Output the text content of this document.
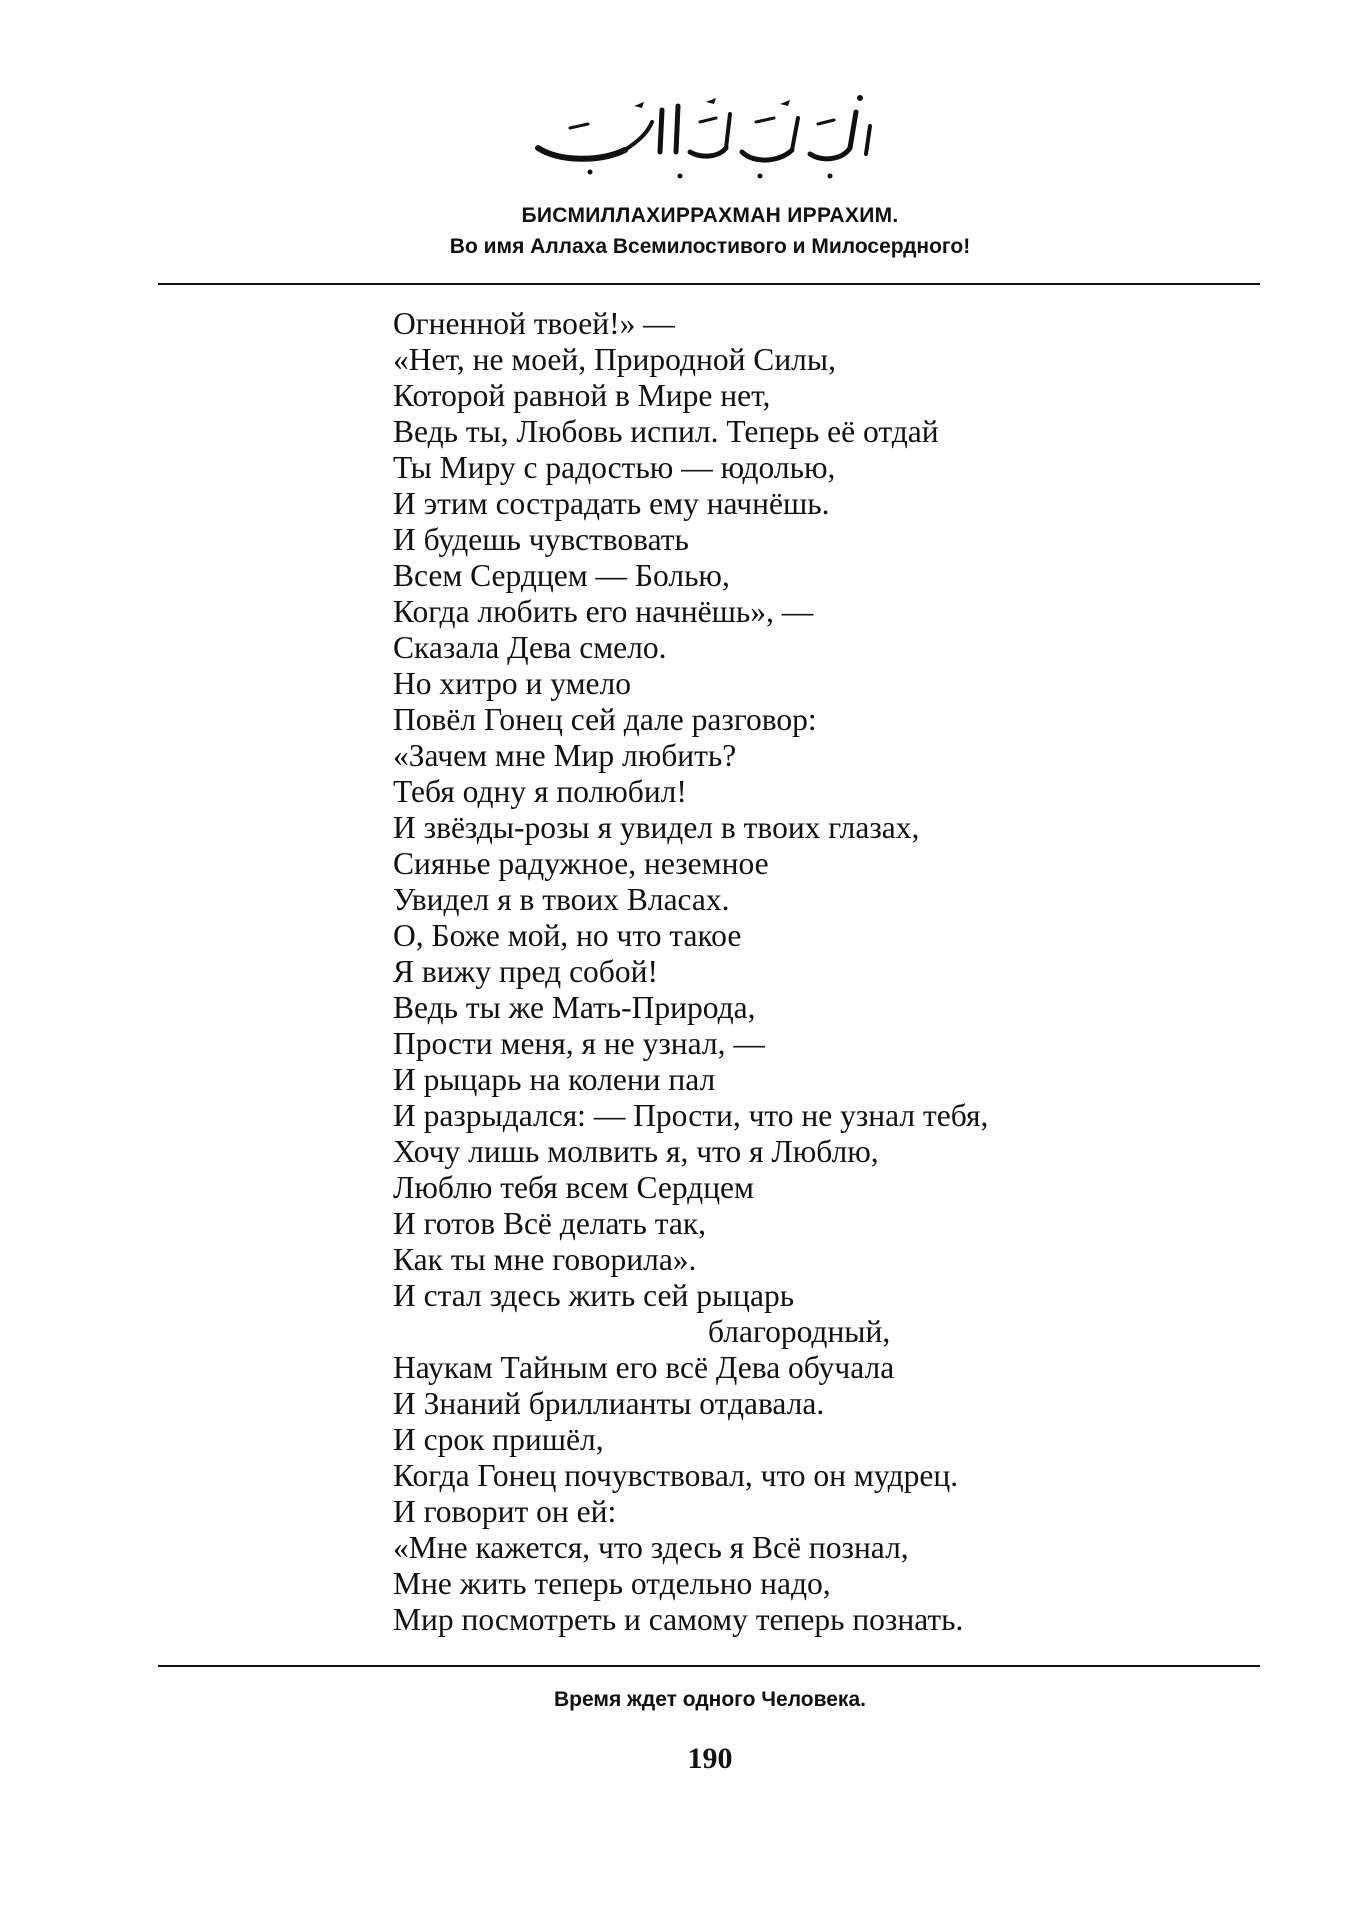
БИСМИЛЛАХИРРАХМАН ИРРАХИМ.
Во имя Аллаха Всемилостивого и Милосердного!
Огненной твоей!» —
«Нет, не моей, Природной Силы,
Которой равной в Мире нет,
Ведь ты, Любовь испил. Теперь её отдай
Ты Миру с радостью — юдолью,
И этим сострадать ему начнёшь.
И будешь чувствовать
Всем Сердцем — Болью,
Когда любить его начнёшь», —
Сказала Дева смело.
Но хитро и умело
Повёл Гонец сей дале разговор:
«Зачем мне Мир любить?
Тебя одну я полюбил!
И звёзды-розы я увидел в твоих глазах,
Сиянье радужное, неземное
Увидел я в твоих Власах.
О, Боже мой, но что такое
Я вижу пред собой!
Ведь ты же Мать-Природа,
Прости меня, я не узнал, —
И рыцарь на колени пал
И разрыдался: — Прости, что не узнал тебя,
Хочу лишь молвить я, что я Люблю,
Люблю тебя всем Сердцем
И готов Всё делать так,
Как ты мне говорила».
И стал здесь жить сей рыцарь
благородный,
Наукам Тайным его всё Дева обучала
И Знаний бриллианты отдавала.
И срок пришёл,
Когда Гонец почувствовал, что он мудрец.
И говорит он ей:
«Мне кажется, что здесь я Всё познал,
Мне жить теперь отдельно надо,
Мир посмотреть и самому теперь познать.
Время ждет одного Человека.
190
